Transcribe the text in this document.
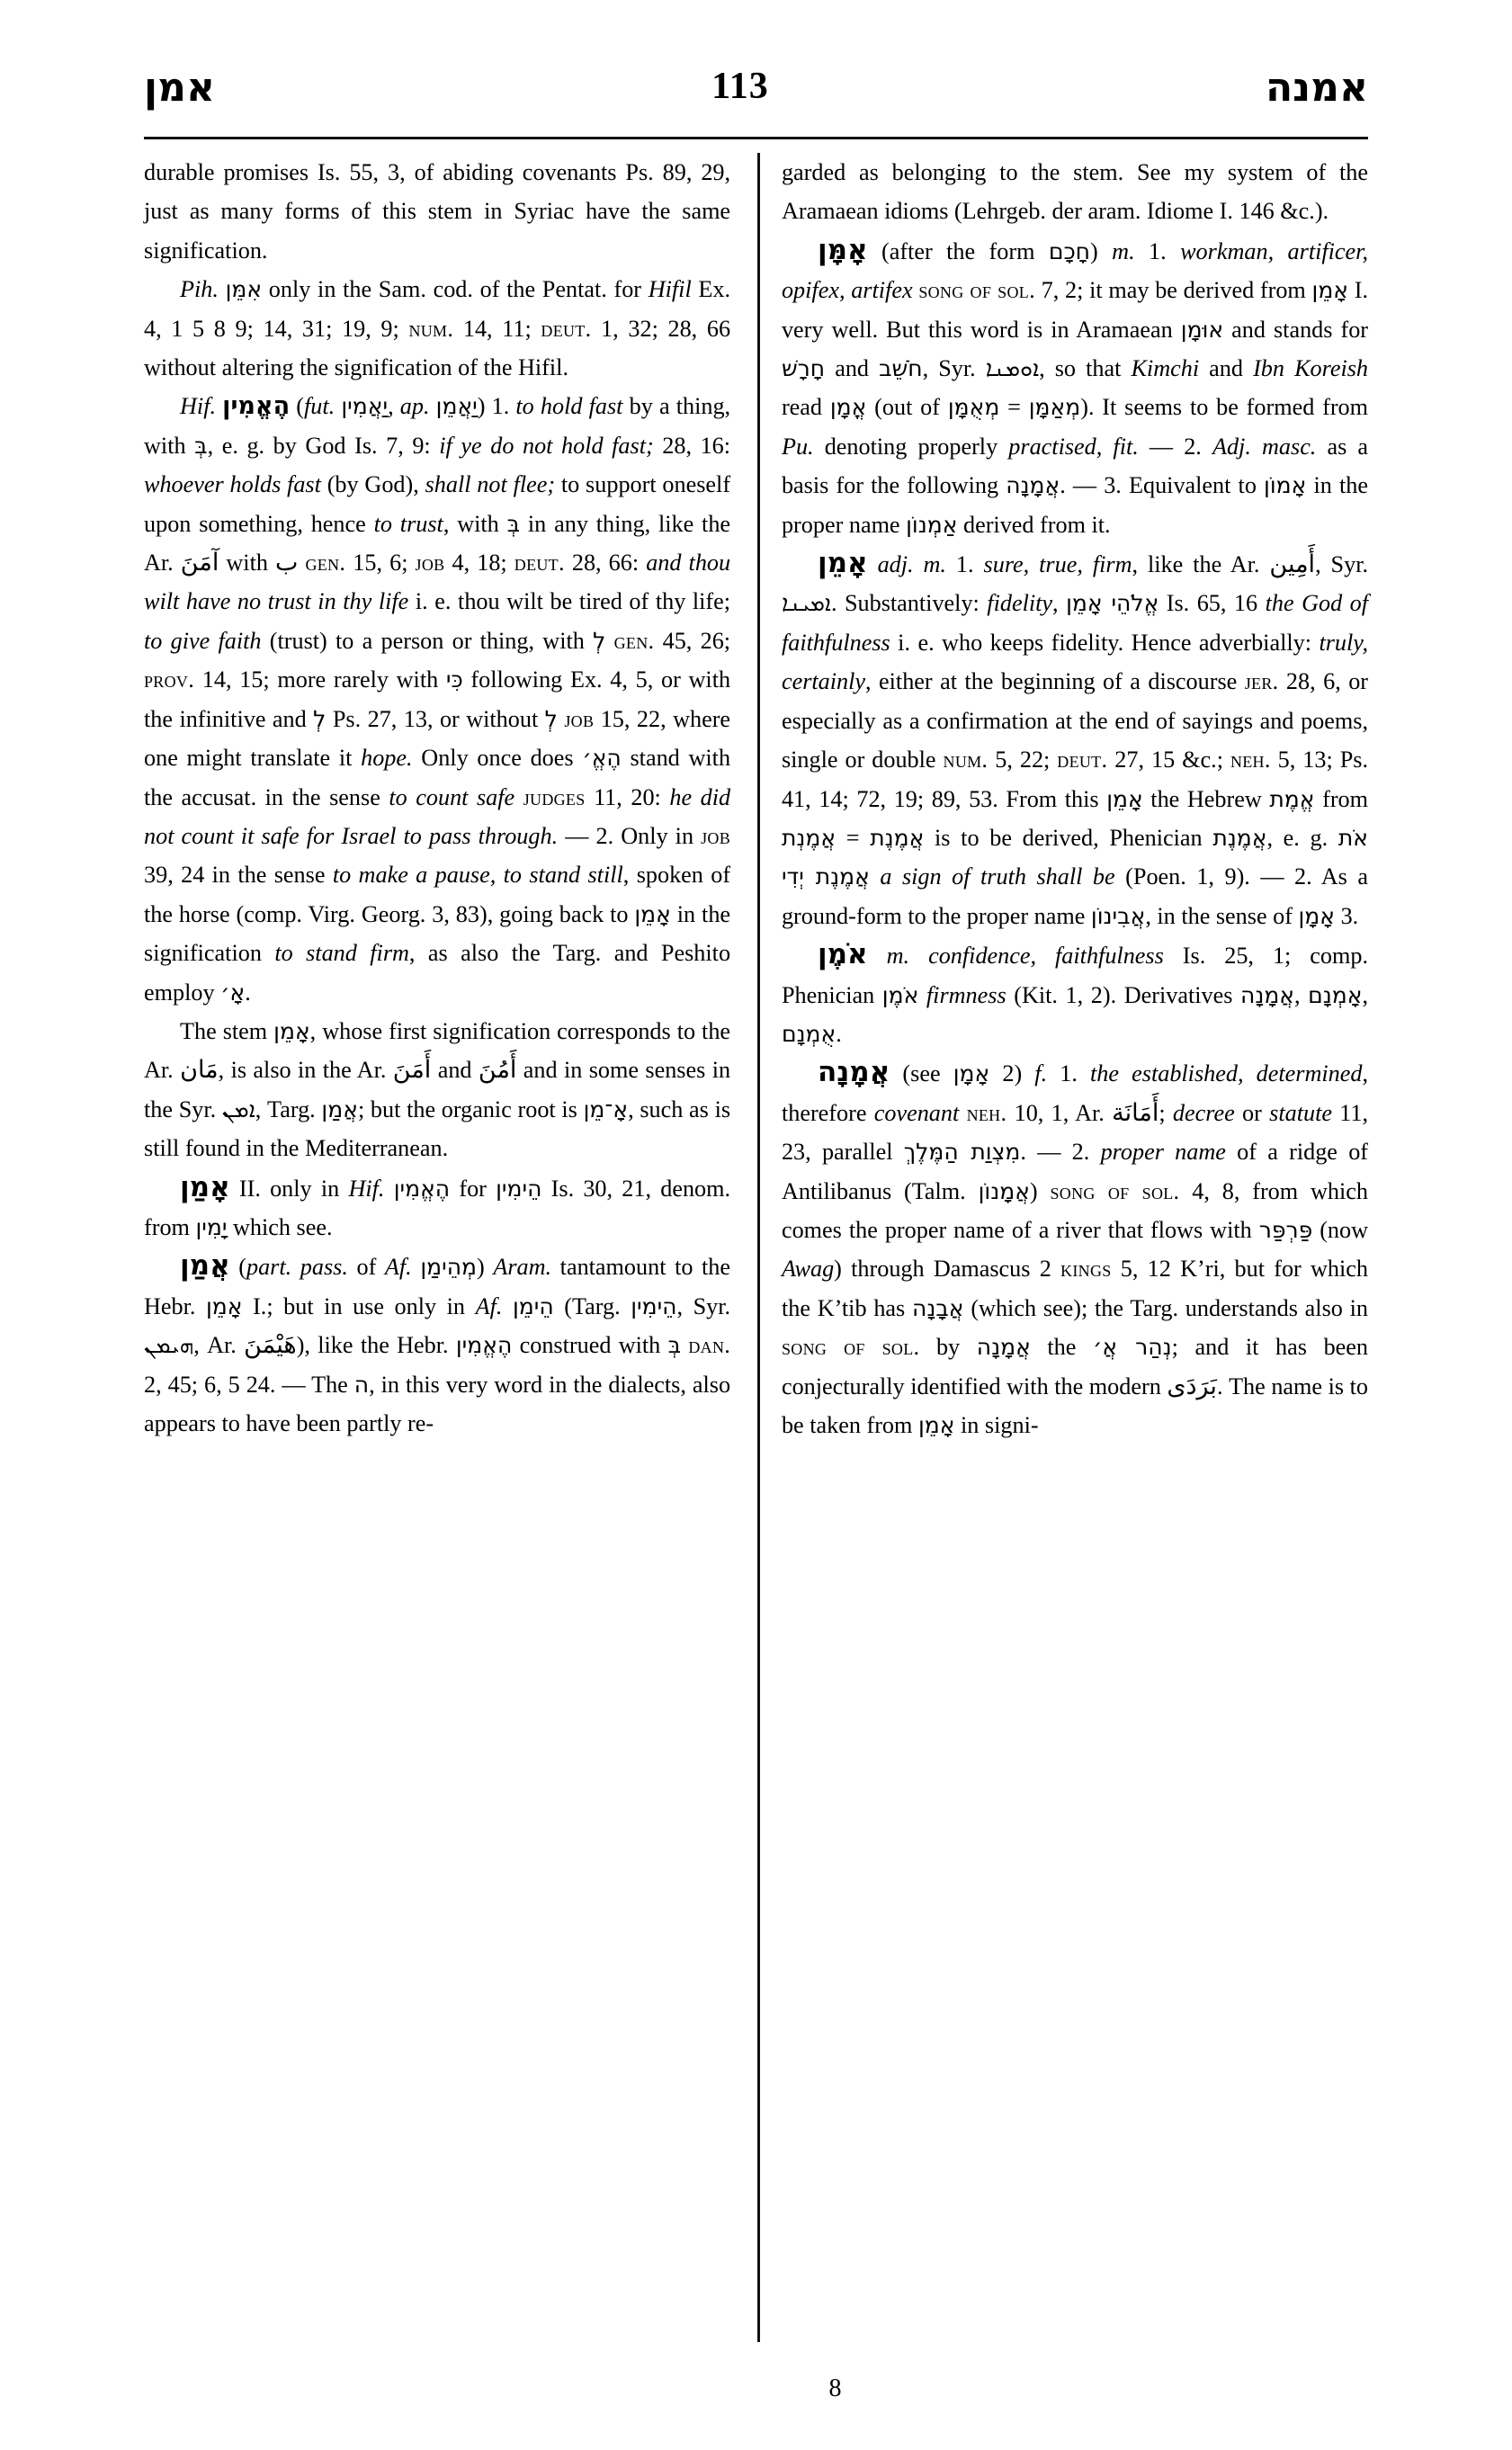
אמן	113	אמנה

durable promises Is. 55, 3, of abiding covenants Ps. 89, 29, just as many forms of this stem in Syriac have the same signification.

Pih. אִמֵּן only in the Sam. cod. of the Pentat. for Hifil Ex. 4, 1 5 8 9; 14, 31; 19, 9; num. 14, 11; deut. 1, 32; 28, 66 without altering the signification of the Hifil.

Hif. הֶאֱמִין (fut. יַאֲמִין, ap. יַאֲמֵן) 1. to hold fast by a thing, with בְּ, e. g. by God Is. 7, 9: if ye do not hold fast; 28, 16: whoever holds fast (by God), shall not flee; to support oneself upon something, hence to trust, with בְּ in any thing, like the Ar. آمَنَ with ب gen. 15, 6; job 4, 18; deut. 28, 66: and thou wilt have no trust in thy life i. e. thou wilt be tired of thy life; to give faith (trust) to a person or thing, with לְ gen. 45, 26; prov. 14, 15; more rarely with כִּי following Ex. 4, 5, or with the infinitive and לְ Ps. 27, 13, or without לְ job 15, 22, where one might translate it hope. Only once does הֶאֱ׳ stand with the accusat. in the sense to count safe judges 11, 20: he did not count it safe for Israel to pass through. — 2. Only in job 39, 24 in the sense to make a pause, to stand still, spoken of the horse (comp. Virg. Georg. 3, 83), going back to אָמֵן in the signification to stand firm, as also the Targ. and Peshito employ אָ׳.

The stem אָמֵן, whose first signification corresponds to the Ar. مَان, is also in the Ar. أَمَنَ and أَمُنَ and in some senses in the Syr. ܐܡܢ, Targ. אֲמַן; but the organic root is אָ־מֵן, such as is still found in the Mediterranean.

אָמַן II. only in Hif. הֶאֱמִין for הֵימִין Is. 30, 21, denom. from יָמִין which see.

אֲמַן (part. pass. of Af. מְהֵימַן) Aram. tantamount to the Hebr. אָמֵן I.; but in use only in Af. הֵימֵן (Targ. הֵימִין, Syr. ܗܝܡܢ, Ar. هَيْمَنَ), like the Hebr. הֶאֱמִין construed with בְּ dan. 2, 45; 6, 5 24. — The ה, in this very word in the dialects, also appears to have been partly re-

garded as belonging to the stem. See my system of the Aramaean idioms (Lehrgeb. der aram. Idiome I. 146 &c.).

אָמָּן (after the form חָכָם) m. 1. workman, artificer, opifex, artifex song of sol. 7, 2; it may be derived from אָמֵן I. very well. But this word is in Aramaean אוּמָן and stands for חָרָשׁ and חֹשֵׁב, Syr. ܐܘܡܢܐ, so that Kimchi and Ibn Koreish read אֳמָן (out of מְאֻמָּן = מְאַמָּן). It seems to be formed from Pu. denoting properly practised, fit. — 2. Adj. masc. as a basis for the following אֲמָנָה. — 3. Equivalent to אָמוֹן in the proper name אַמְנוֹן derived from it.

אָמֵן adj. m. 1. sure, true, firm, like the Ar. أَمِين, Syr. ܐܡܝܢܐ. Substantively: fidelity, אֱלֹהֵי אָמֵן Is. 65, 16 the God of faithfulness i. e. who keeps fidelity. Hence adverbially: truly, certainly, either at the beginning of a discourse jer. 28, 6, or especially as a confirmation at the end of sayings and poems, single or double num. 5, 22; deut. 27, 15 &c.; neh. 5, 13; Ps. 41, 14; 72, 19; 89, 53. From this אָמֵן the Hebrew אֱמֶת from אֲמֶנְת = אֲמֶנֶת is to be derived, Phenician אֲמֶנֶת, e. g. אֹת אֲמֶנֶת יְדִי a sign of truth shall be (Poen. 1, 9). — 2. As a ground-form to the proper name אֲבִינוֹן, in the sense of אָמָן 3.

אֹמֶן m. confidence, faithfulness Is. 25, 1; comp. Phenician אֹמֶן firmness (Kit. 1, 2). Derivatives אֲמָנָה, אָמְנָם, אֻמְנָם.

אֲמָנָה (see אָמָן 2) f. 1. the established, determined, therefore covenant neh. 10, 1, Ar. أَمَانَة; decree or statute 11, 23, parallel מִצְוַת הַמֶּלֶךְ. — 2. proper name of a ridge of Antilibanus (Talm. אֲמָנוֹן) song of sol. 4, 8, from which comes the proper name of a river that flows with פַּרְפַּר (now Awag) through Damascus 2 kings 5, 12 K’ri, but for which the K’tib has אֲבָנָה (which see); the Targ. understands also in song of sol. by אֲמָנָה the נְהַר אֲ׳; and it has been conjecturally identified with the modern بَرَدَى. The name is to be taken from אָמֵן in signi-

8
